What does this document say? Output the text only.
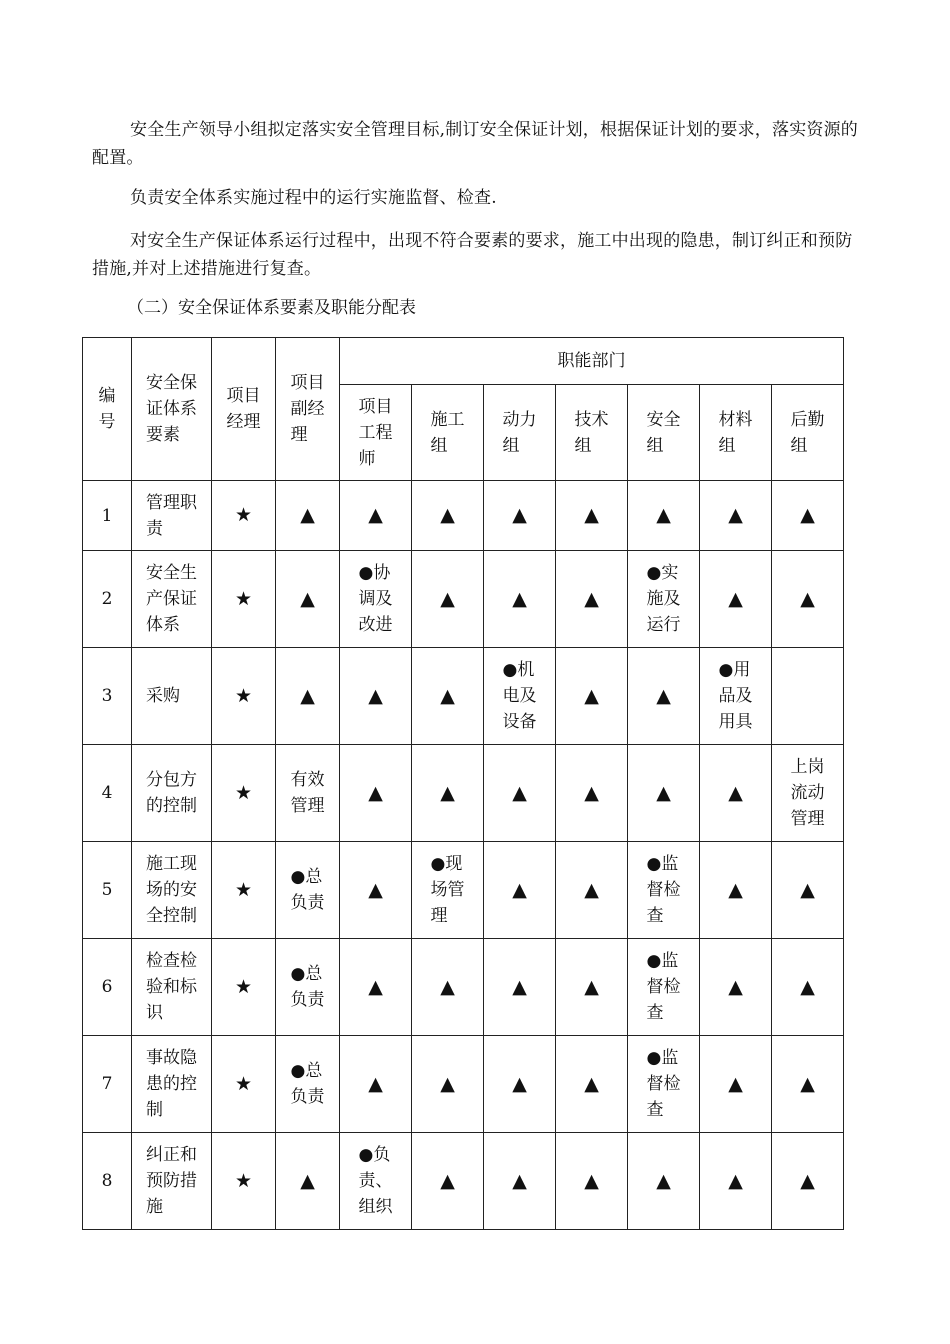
安全生产领导小组拟定落实安全管理目标,制订安全保证计划，根据保证计划的要求，落实资源的配置。

负责安全体系实施过程中的运行实施监督、检查.

对安全生产保证体系运行过程中，出现不符合要素的要求，施工中出现的隐患，制订纠正和预防措施,并对上述措施进行复查。

（二）安全保证体系要素及职能分配表

编号	安全保证体系要素	项目经理	项目副经理	职能部门						
				项目工程师	施工组	动力组	技术组	安全组	材料组	后勤组
1	管理职责	★	▲	▲	▲	▲	▲	▲	▲	▲
2	安全生产保证体系	★	▲	●协调及改进	▲	▲	▲	●实施及运行	▲	▲
3	采购	★	▲	▲	▲	●机电及设备	▲	▲	●用品及用具	
4	分包方的控制	★	有效管理	▲	▲	▲	▲	▲	▲	上岗流动管理
5	施工现场的安全控制	★	●总负责	▲	●现场管理	▲	▲	●监督检查	▲	▲
6	检查检验和标识	★	●总负责	▲	▲	▲	▲	●监督检查	▲	▲
7	事故隐患的控制	★	●总负责	▲	▲	▲	▲	●监督检查	▲	▲
8	纠正和预防措施	★	▲	●负责、组织	▲	▲	▲	▲	▲	▲
